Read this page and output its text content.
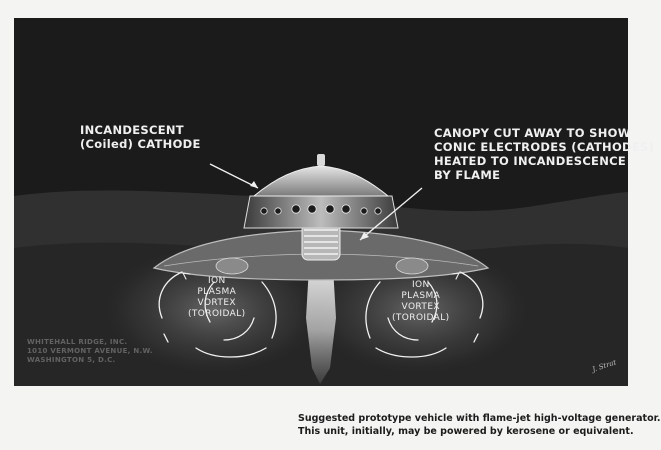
INCANDESCENT
(Coiled) CATHODE
CANOPY CUT AWAY TO SHOW
CONIC ELECTRODES (CATHODES)
HEATED TO INCANDESCENCE
BY FLAME
ION
PLASMA
VORTEX
(TOROIDAL)
ION
PLASMA
VORTEX
(TOROIDAL)
WHITEHALL RIDGE, INC.
1010 VERMONT AVENUE, N.W.
WASHINGTON 5, D.C.	J. Strat
Suggested prototype vehicle with flame-jet high-voltage generator.
This unit, initially, may be powered by kerosene or equivalent.
